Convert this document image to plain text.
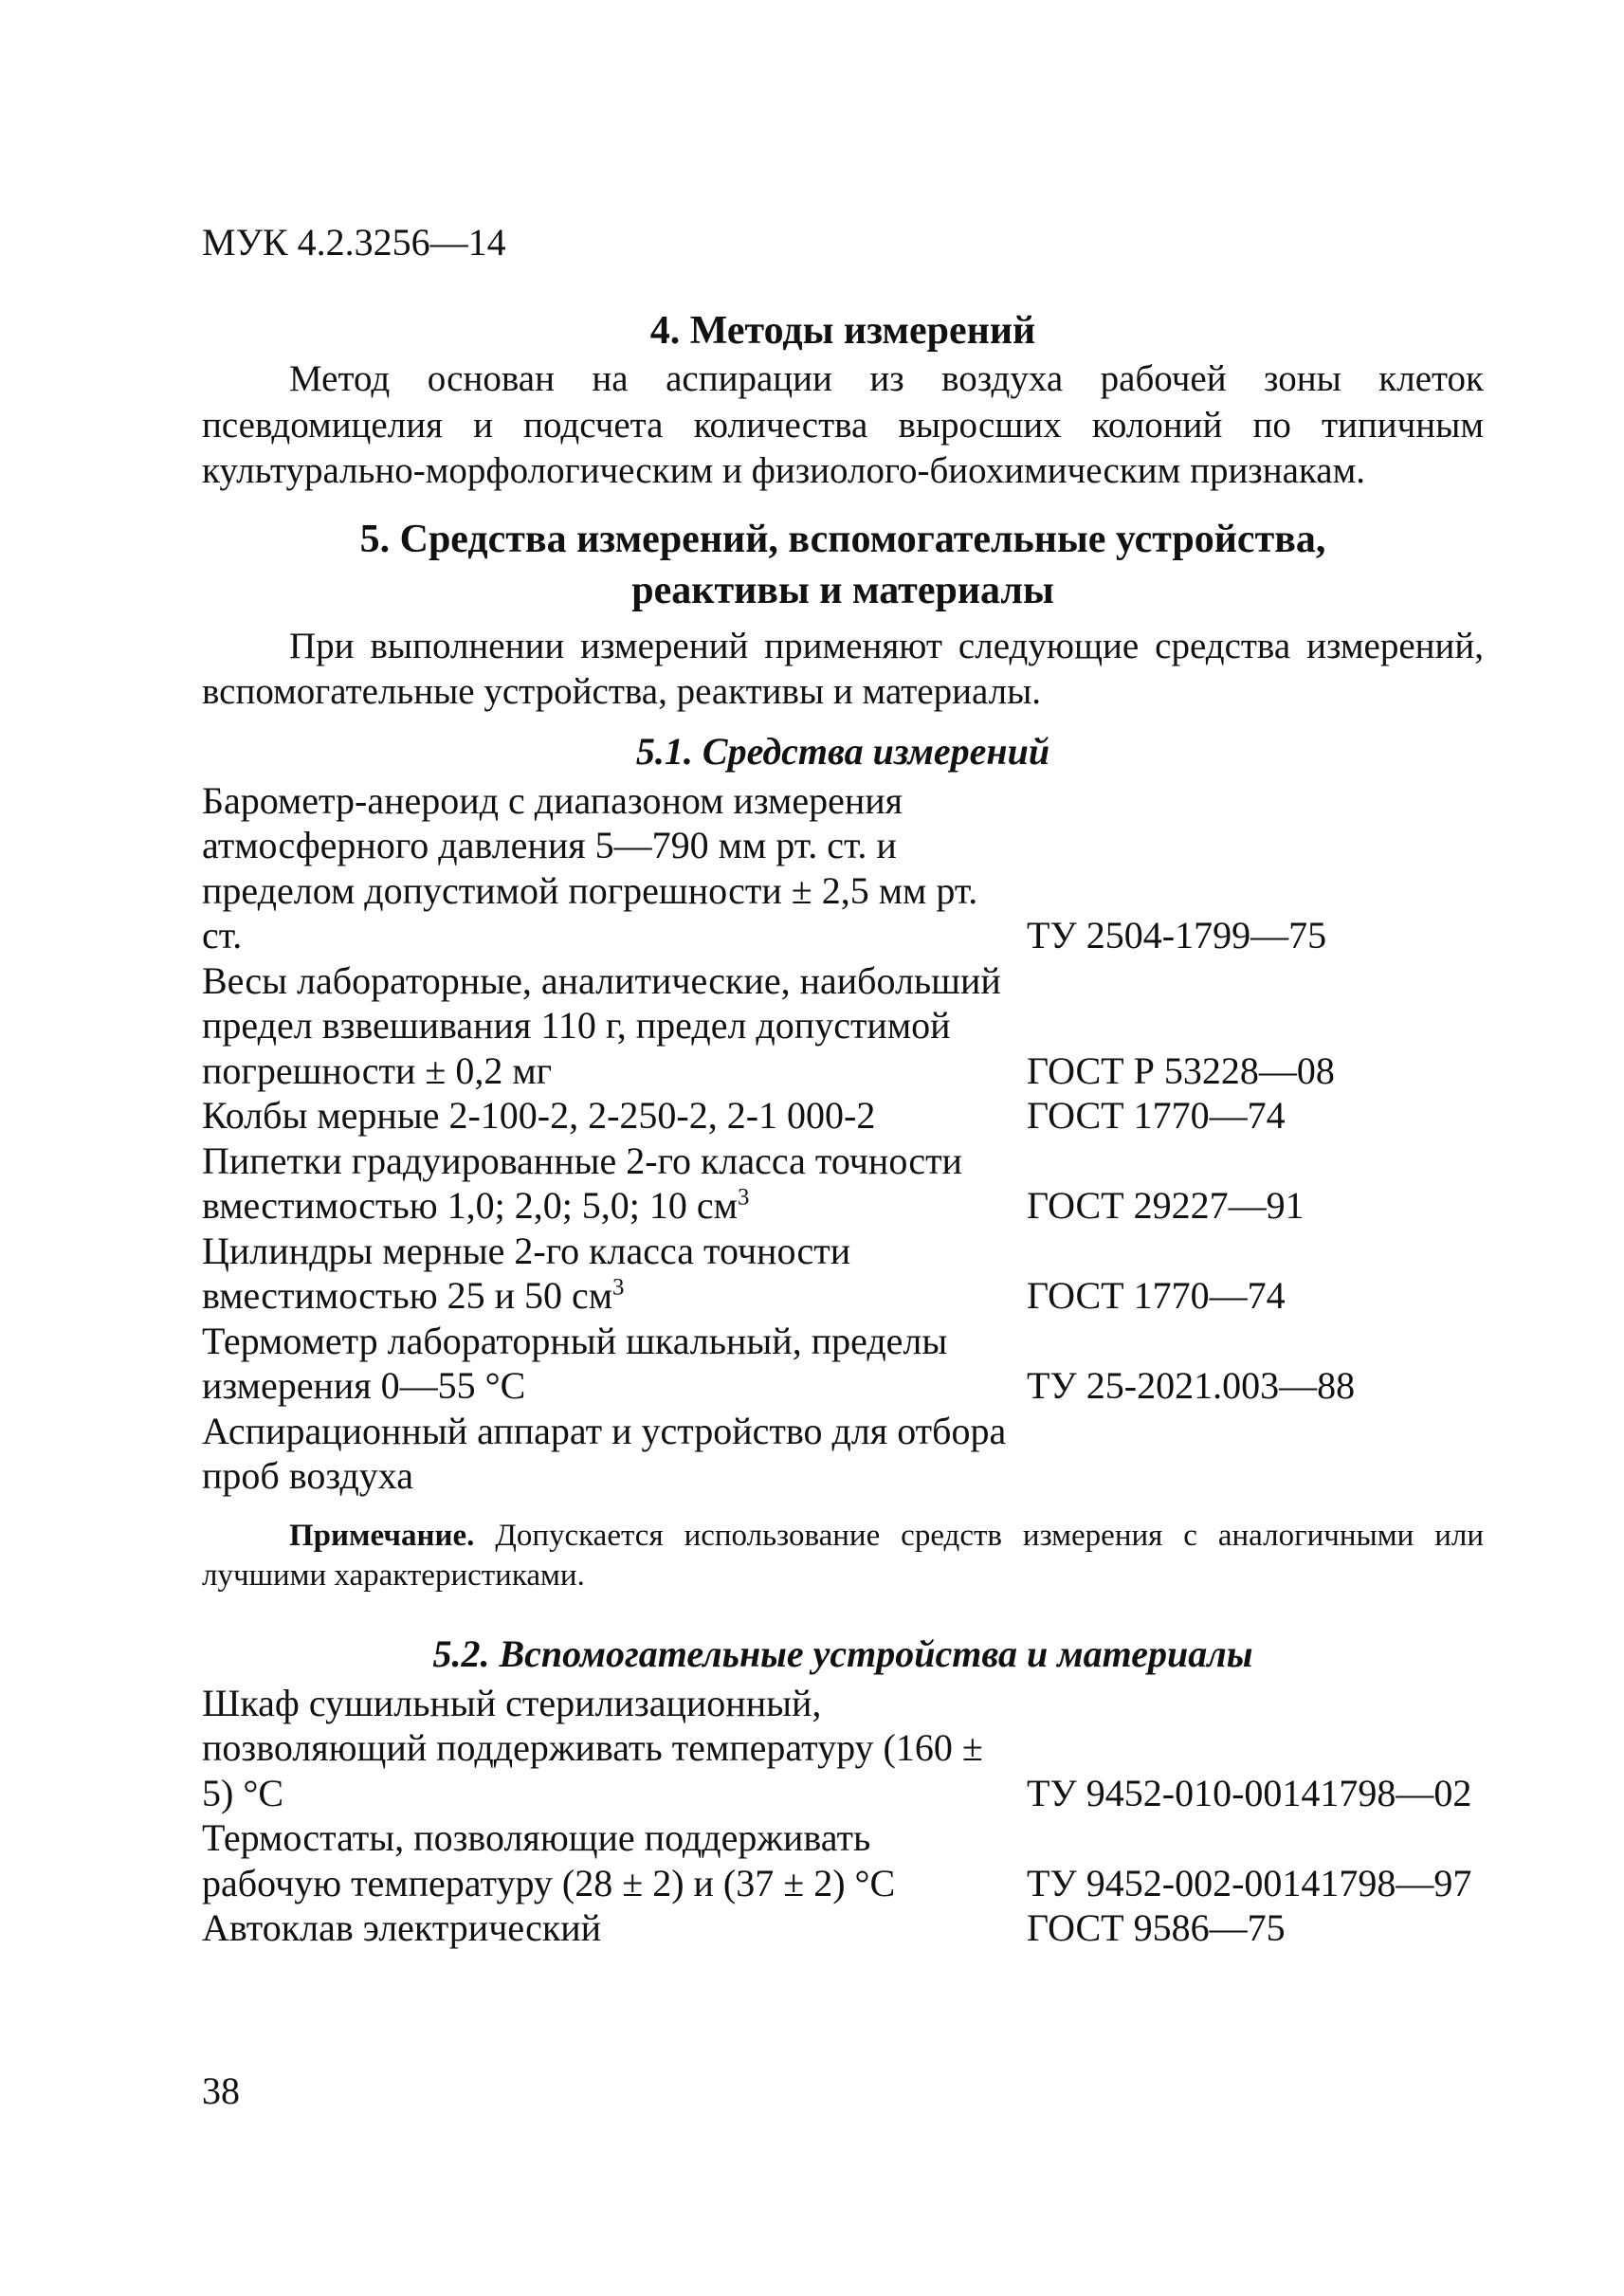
МУК 4.2.3256—14
4. Методы измерений

Метод основан на аспирации из воздуха рабочей зоны клеток псевдомицелия и подсчета количества выросших колоний по типичным культурально-морфологическим и физиолого-биохимическим признакам.

5. Средства измерений, вспомогательные устройства,
реактивы и материалы

При выполнении измерений применяют следующие средства измерений, вспомогательные устройства, реактивы и материалы.

5.1. Средства измерений
Барометр-анероид с диапазоном измерения атмосферного давления 5—790 мм рт. ст. и пределом допустимой погрешности ± 2,5 мм рт. ст.	ТУ 2504-1799—75
Весы лабораторные, аналитические, наибольший предел взвешивания 110 г, предел допустимой погрешности ± 0,2 мг	ГОСТ Р 53228—08
Колбы мерные 2-100-2, 2-250-2, 2-1 000-2	ГОСТ 1770—74
Пипетки градуированные 2-го класса точности вместимостью 1,0; 2,0; 5,0; 10 $см^3$	ГОСТ 29227—91
Цилиндры мерные 2-го класса точности вместимостью 25 и 50 $см^3$	ГОСТ 1770—74
Термометр лабораторный шкальный, пределы измерения 0—55 °С	ТУ 25-2021.003—88
Аспирационный аппарат и устройство для отбора проб воздуха	

Примечание. Допускается использование средств измерения с аналогичными или лучшими характеристиками.

5.2. Вспомогательные устройства и материалы
Шкаф сушильный стерилизационный, позволяющий поддерживать температуру (160 ± 5) °С	ТУ 9452-010-00141798—02
Термостаты, позволяющие поддерживать рабочую температуру (28 ± 2) и (37 ± 2) °С	ТУ 9452-002-00141798—97
Автоклав электрический	ГОСТ 9586—75
38
